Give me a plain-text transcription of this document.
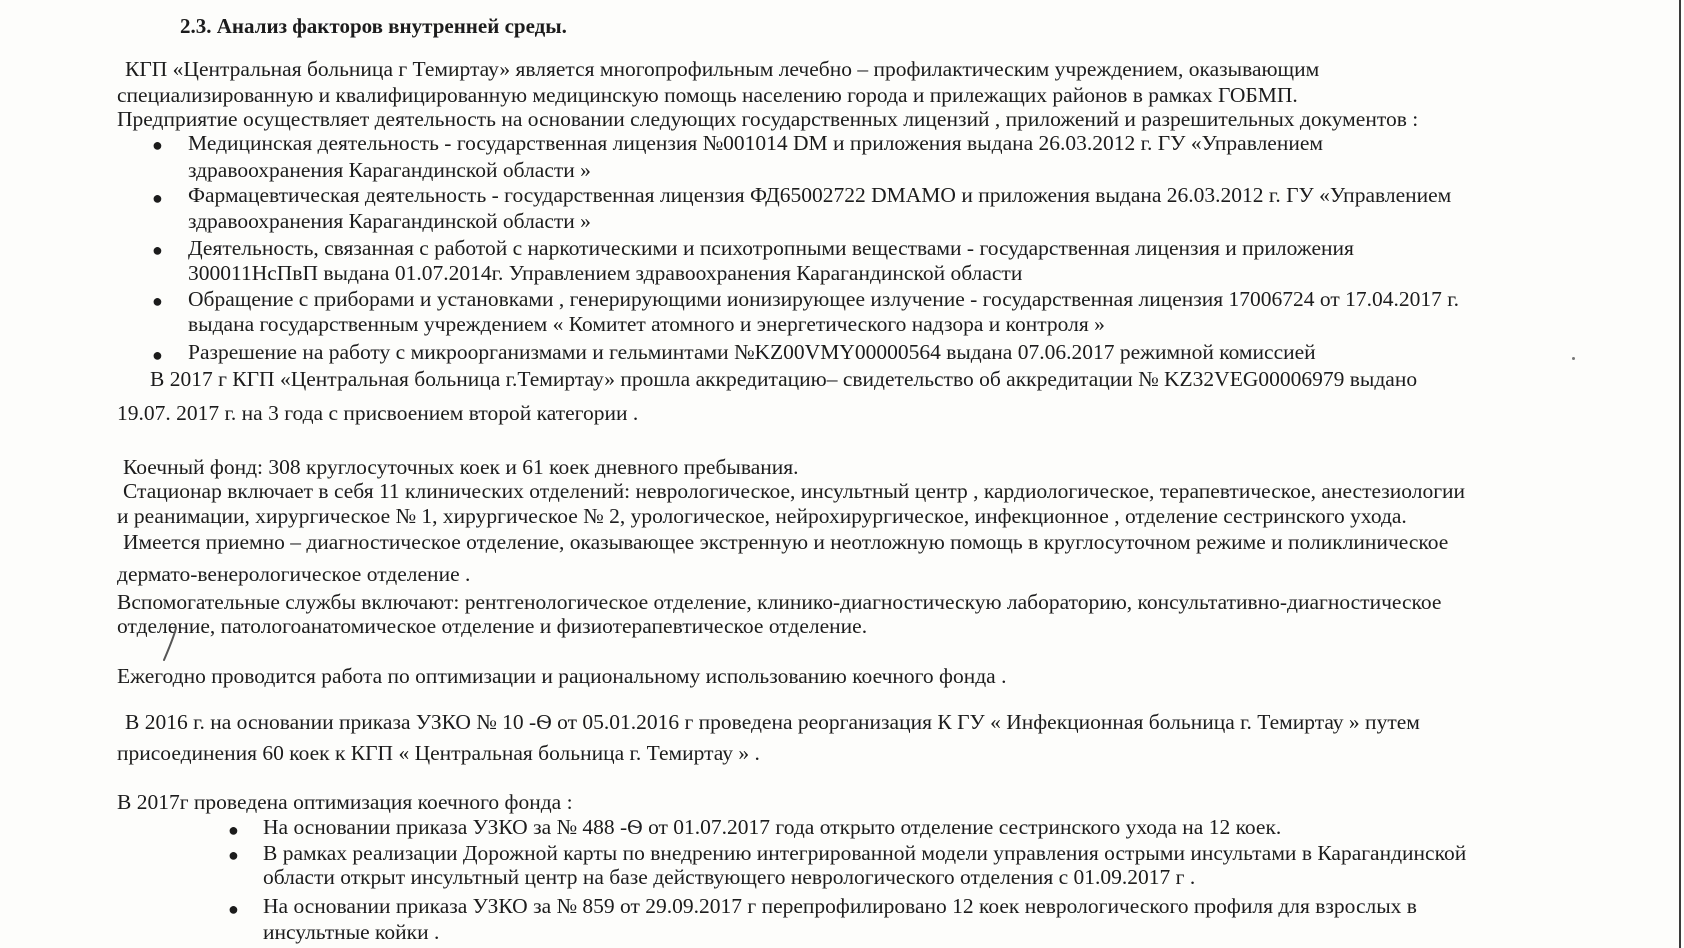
2.3. Анализ факторов внутренней среды.
КГП «Центральная больница г Темиртау» является многопрофильным лечебно – профилактическим учреждением, оказывающим
специализированную и квалифицированную медицинскую помощь населению города и прилежащих районов в рамках ГОБМП.
Предприятие осуществляет деятельность на основании следующих государственных лицензий , приложений и разрешительных документов :
● Медицинская деятельность - государственная лицензия №001014 DM и приложения выдана 26.03.2012 г. ГУ «Управлением
здравоохранения Карагандинской области »
● Фармацевтическая деятельность - государственная лицензия ФД65002722 DMAMO и приложения выдана 26.03.2012 г. ГУ «Управлением
здравоохранения Карагандинской области »
● Деятельность, связанная с работой с наркотическими и психотропными веществами - государственная лицензия и приложения
300011НсПвП выдана 01.07.2014г. Управлением здравоохранения Карагандинской области
● Обращение с приборами и установками , генерирующими ионизирующее излучение - государственная лицензия 17006724 от 17.04.2017 г.
выдана государственным учреждением « Комитет атомного и энергетического надзора и контроля »
● Разрешение на работу с микроорганизмами и гельминтами №KZ00VMY00000564 выдана 07.06.2017 режимной комиссией
В 2017 г КГП «Центральная больница г.Темиртау» прошла аккредитацию– свидетельство об аккредитации № KZ32VEG00006979 выдано
19.07. 2017 г. на 3 года с присвоением второй категории .
Коечный фонд: 308 круглосуточных коек и 61 коек дневного пребывания.
Стационар включает в себя 11 клинических отделений: неврологическое, инсультный центр , кардиологическое, терапевтическое, анестезиологии
и реанимации, хирургическое № 1, хирургическое № 2, урологическое, нейрохирургическое, инфекционное , отделение сестринского ухода.
Имеется приемно – диагностическое отделение, оказывающее экстренную и неотложную помощь в круглосуточном режиме и поликлиническое
дермато-венерологическое отделение .
Вспомогательные службы включают: рентгенологическое отделение, клинико-диагностическую лабораторию, консультативно-диагностическое
отделение, патологоанатомическое отделение и физиотерапевтическое отделение.
Ежегодно проводится работа по оптимизации и рациональному использованию коечного фонда .
В 2016 г. на основании приказа УЗКО № 10 -Ѳ от 05.01.2016 г проведена реорганизация К ГУ « Инфекционная больница г. Темиртау » путем
присоединения 60 коек к КГП « Центральная больница г. Темиртау » .
В 2017г проведена оптимизация коечного фонда :
● На основании приказа УЗКО за № 488 -Ѳ от 01.07.2017 года открыто отделение сестринского ухода на 12 коек.
● В рамках реализации Дорожной карты по внедрению интегрированной модели управления острыми инсультами в Карагандинской
области открыт инсультный центр на базе действующего неврологического отделения с 01.09.2017 г .
● На основании приказа УЗКО за № 859 от 29.09.2017 г перепрофилировано 12 коек неврологического профиля для взрослых в
инсультные койки .
